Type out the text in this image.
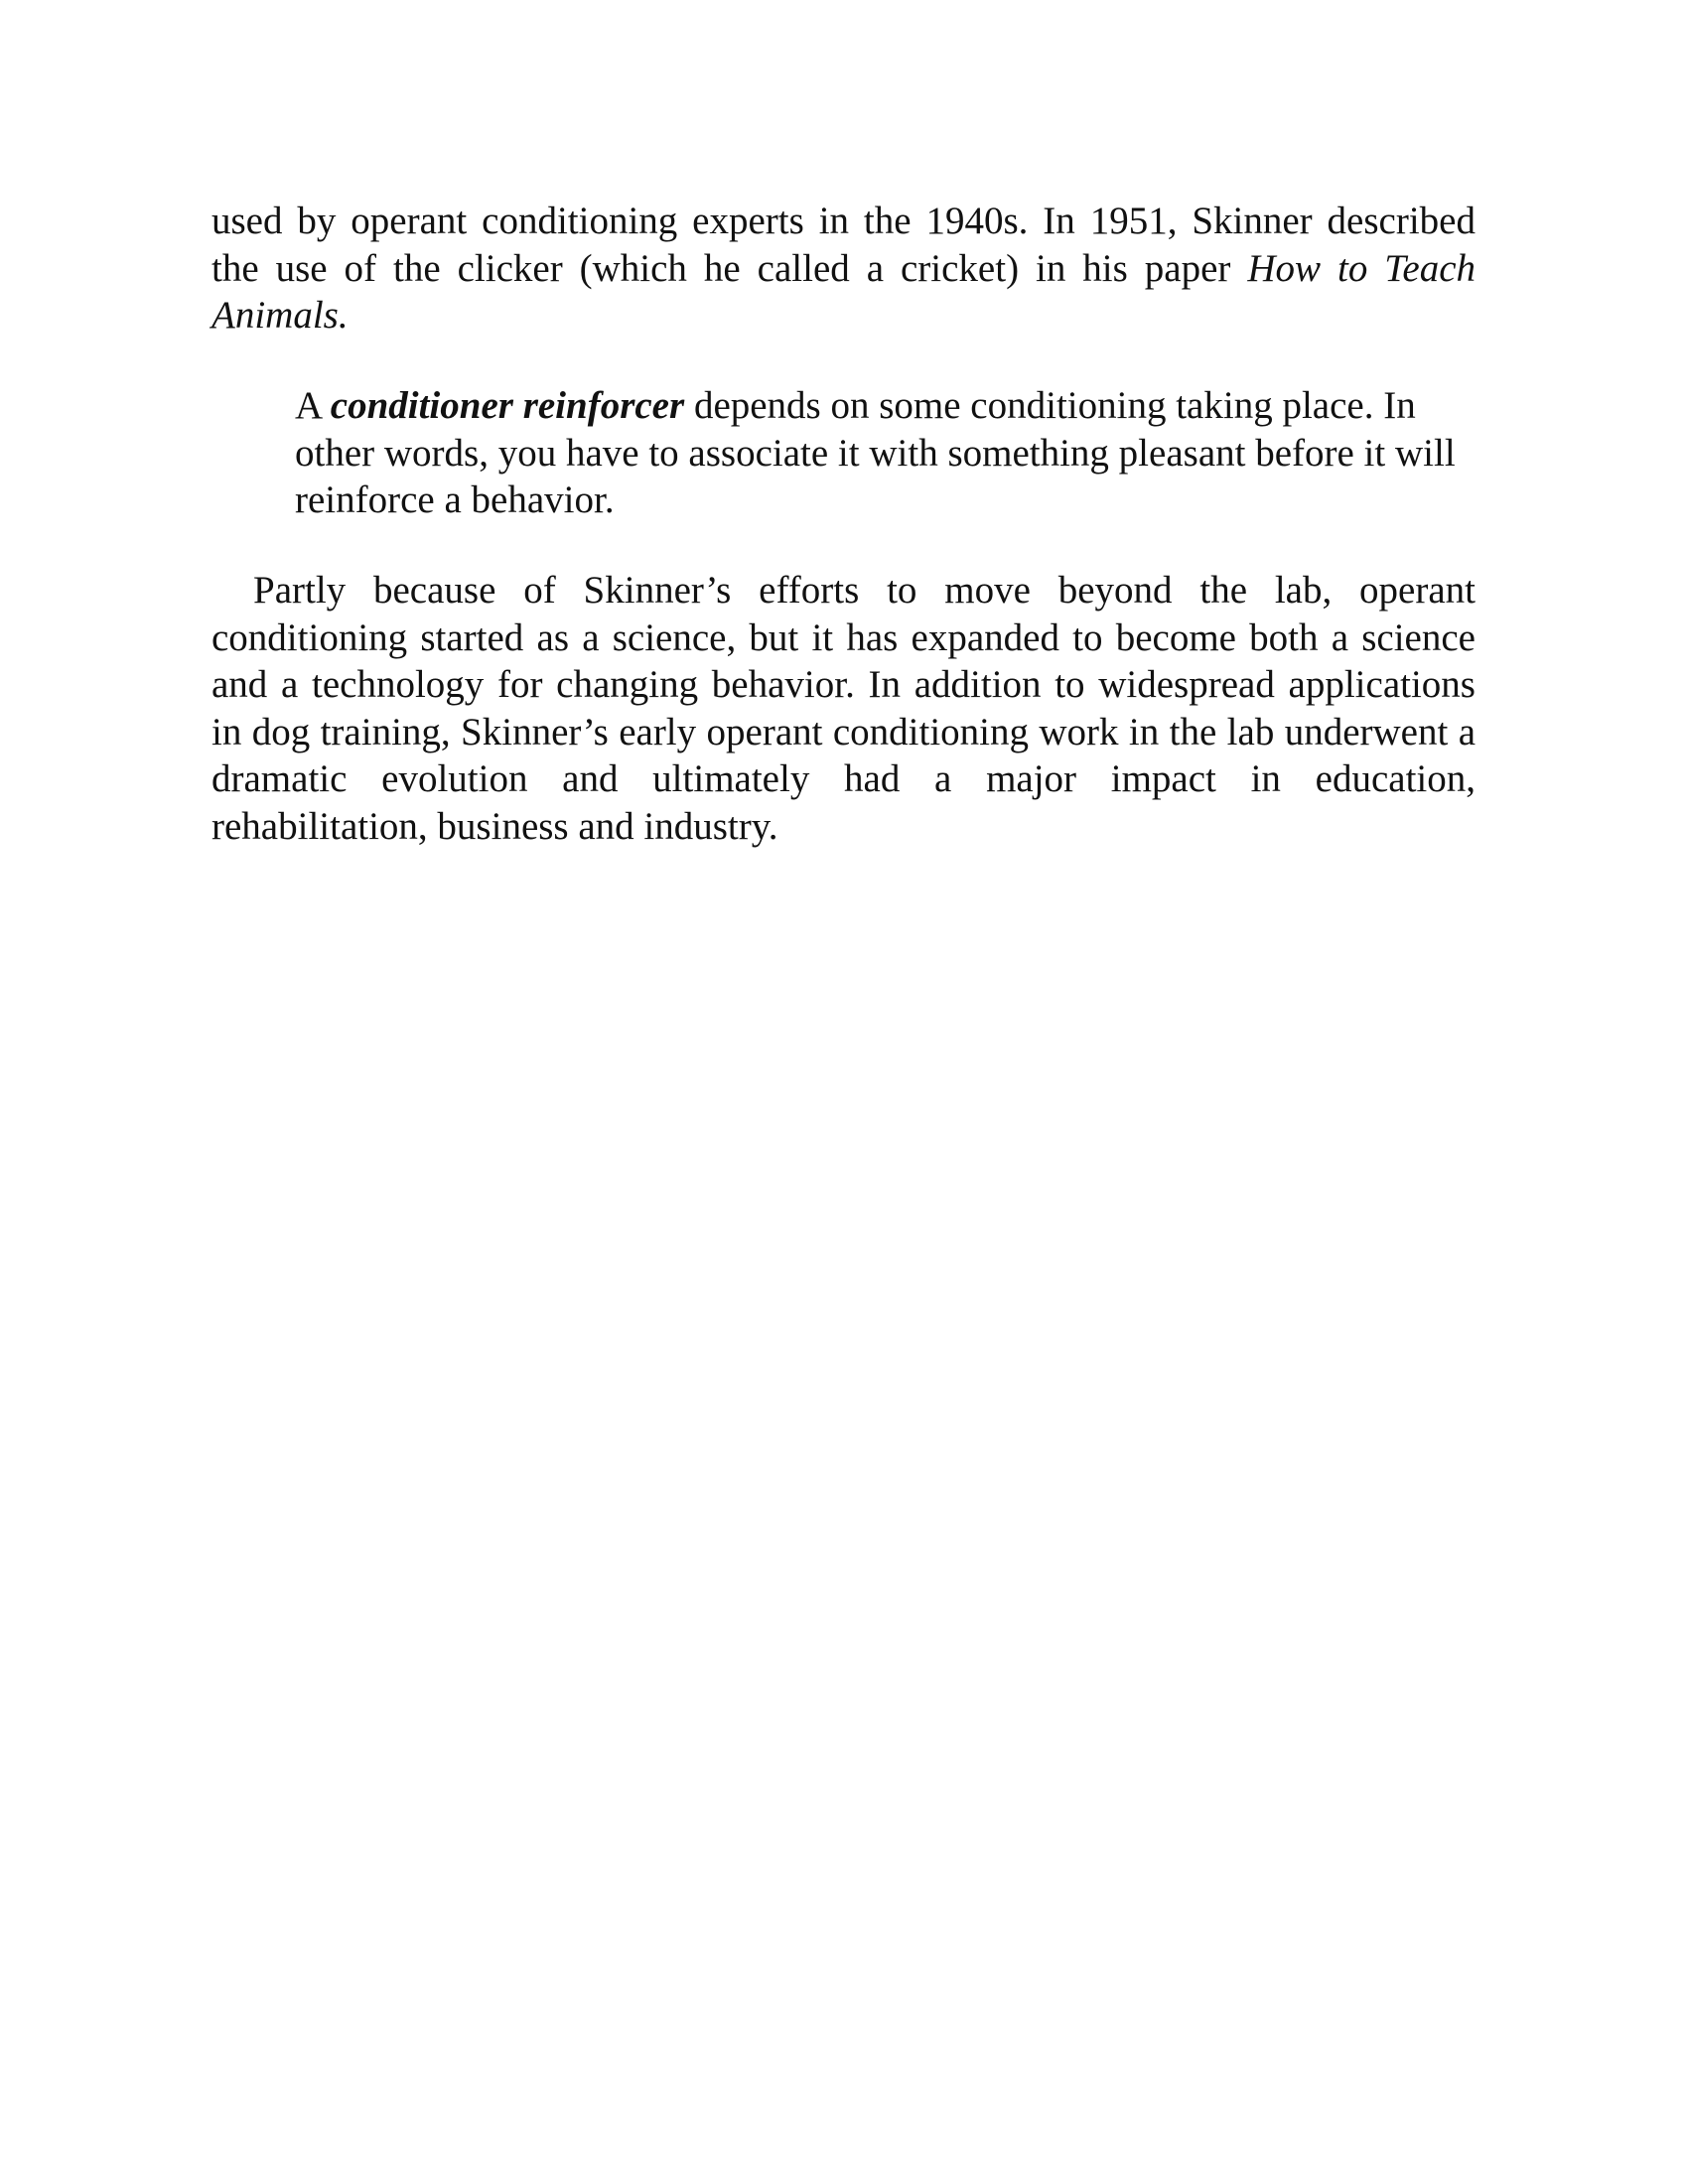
used by operant conditioning experts in the 1940s. In 1951, Skinner described the use of the clicker (which he called a cricket) in his paper How to Teach Animals.

A conditioner reinforcer depends on some conditioning taking place. In other words, you have to associate it with something pleasant before it will reinforce a behavior.

Partly because of Skinner’s efforts to move beyond the lab, operant conditioning started as a science, but it has expanded to become both a science and a technology for changing behavior. In addition to widespread applications in dog training, Skinner’s early operant conditioning work in the lab underwent a dramatic evolution and ultimately had a major impact in education, rehabilitation, business and industry.
